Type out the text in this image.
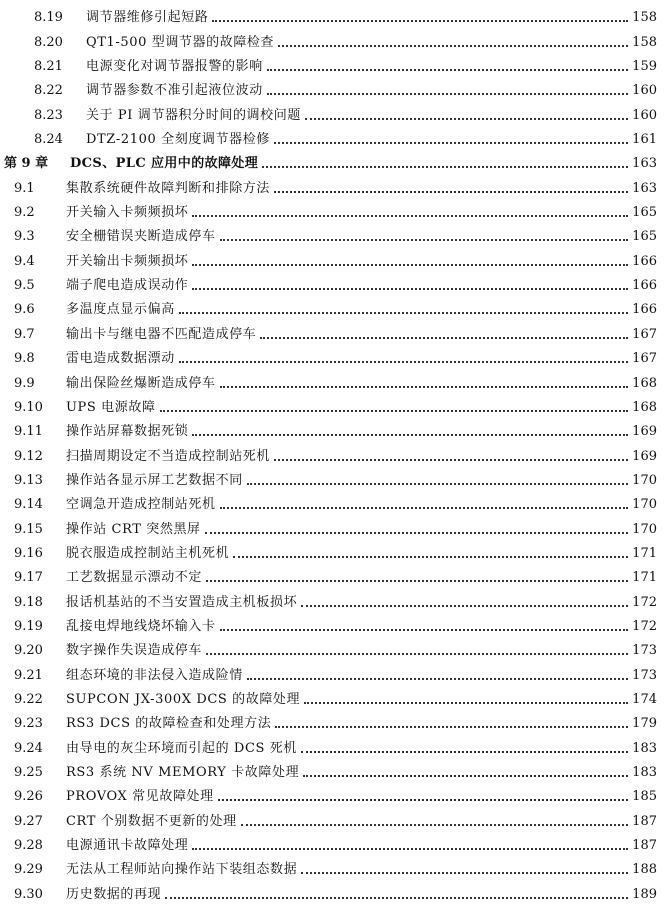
8.19	调节器维修引起短路	158
8.20	QT1-500 型调节器的故障检查	158
8.21	电源变化对调节器报警的影响	159
8.22	调节器参数不准引起液位波动	160
8.23	关于 PI 调节器积分时间的调校问题	160
8.24	DTZ-2100 全刻度调节器检修	161
第 9 章	DCS、PLC 应用中的故障处理	163
9.1	集散系统硬件故障判断和排除方法	163
9.2	开关输入卡频频损坏	165
9.3	安全栅错误夹断造成停车	165
9.4	开关输出卡频频损坏	166
9.5	端子爬电造成误动作	166
9.6	多温度点显示偏高	166
9.7	输出卡与继电器不匹配造成停车	167
9.8	雷电造成数据漂动	167
9.9	输出保险丝爆断造成停车	168
9.10	UPS 电源故障	168
9.11	操作站屏幕数据死锁	169
9.12	扫描周期设定不当造成控制站死机	169
9.13	操作站各显示屏工艺数据不同	170
9.14	空调急开造成控制站死机	170
9.15	操作站 CRT 突然黑屏	170
9.16	脱衣服造成控制站主机死机	171
9.17	工艺数据显示漂动不定	171
9.18	报话机基站的不当安置造成主机板损坏	172
9.19	乱接电焊地线烧坏输入卡	172
9.20	数字操作失误造成停车	173
9.21	组态环境的非法侵入造成险情	173
9.22	SUPCON JX-300X DCS 的故障处理	174
9.23	RS3 DCS 的故障检查和处理方法	179
9.24	由导电的灰尘环境而引起的 DCS 死机	183
9.25	RS3 系统 NV MEMORY 卡故障处理	183
9.26	PROVOX 常见故障处理	185
9.27	CRT 个别数据不更新的处理	187
9.28	电源通讯卡故障处理	187
9.29	无法从工程师站向操作站下装组态数据	188
9.30	历史数据的再现	189
